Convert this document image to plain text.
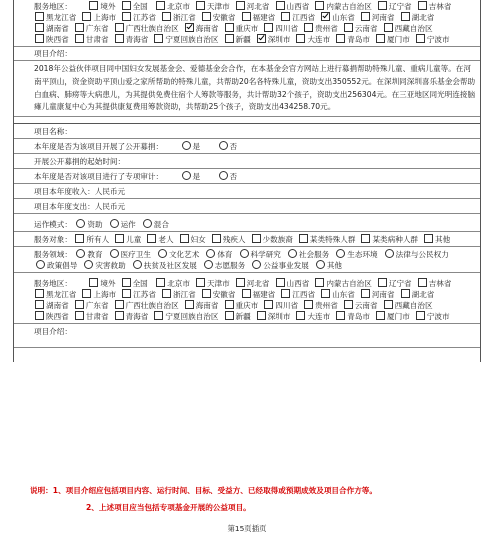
服务地区：	境外 全国	北京市 天津市 河北省 山西省 内蒙古自治区 辽宁省 吉林省黑龙江省 上海市 江苏省 浙江省 安徽省 福建省 江西省 山东省 河南省 湖北省湖南省 广东省 广西壮族自治区 海南省 重庆市 四川省 贵州省 云南省 西藏自治区陕西省 甘肃省 青海省 宁夏回族自治区 新疆 深圳市 大连市 青岛市 厦门市 宁波市
项目介绍：
2018年公益伙伴项目同中国妇女发展基金会、爱德基金会合作，在本基金会官方网站上进行募捐帮助特殊儿童、重病儿童等。在河南平顶山，资金资助平顶山爱之家所帮助的特殊儿童，共帮助20名各特殊儿童，资助支出350552元。在深圳同深圳喜乐基金会帮助白血病、肺痨等大病患儿，为其提供免费住宿个人筹款等服务，共计帮助32个孩子，资助支出256304元。在三亚地区同光明连接脑瘫儿童康复中心为其提供康复费用筹款资助，共帮助25个孩子，资助支出434258.70元。
项目名称：
本年度是否为该项目开展了公开募捐：	是	否
开展公开募捐的起始时间：
本年度是否对该项目进行了专项审计：	是	否
项目本年度收入：人民币元
项目本年度支出：人民币元
运作模式： 资助 运作 混合
服务对象： 所有人 儿童 老人 妇女 残疾人 少数族裔 某类特殊人群 某类病种人群 其他
服务领域： 教育 医疗卫生 文化艺术 体育 科学研究 社会服务 生态环境 法律与公民权力政策倡导 灾害救助 扶贫及社区发展 志愿服务 公益事业发展 其他
服务地区：	境外 全国	北京市 天津市 河北省 山西省 内蒙古自治区 辽宁省 吉林省黑龙江省 上海市 江苏省 浙江省 安徽省 福建省 江西省 山东省 河南省 湖北省湖南省 广东省 广西壮族自治区 海南省 重庆市 四川省 贵州省 云南省 西藏自治区陕西省 甘肃省 青海省 宁夏回族自治区 新疆 深圳市 大连市 青岛市 厦门市 宁波市
项目介绍：
说明：1、项目介绍应包括项目内容、运行时间、目标、受益方、已经取得或预期成效及项目合作方等。
2、上述项目应当包括专项基金开展的公益项目。
第15页插页
